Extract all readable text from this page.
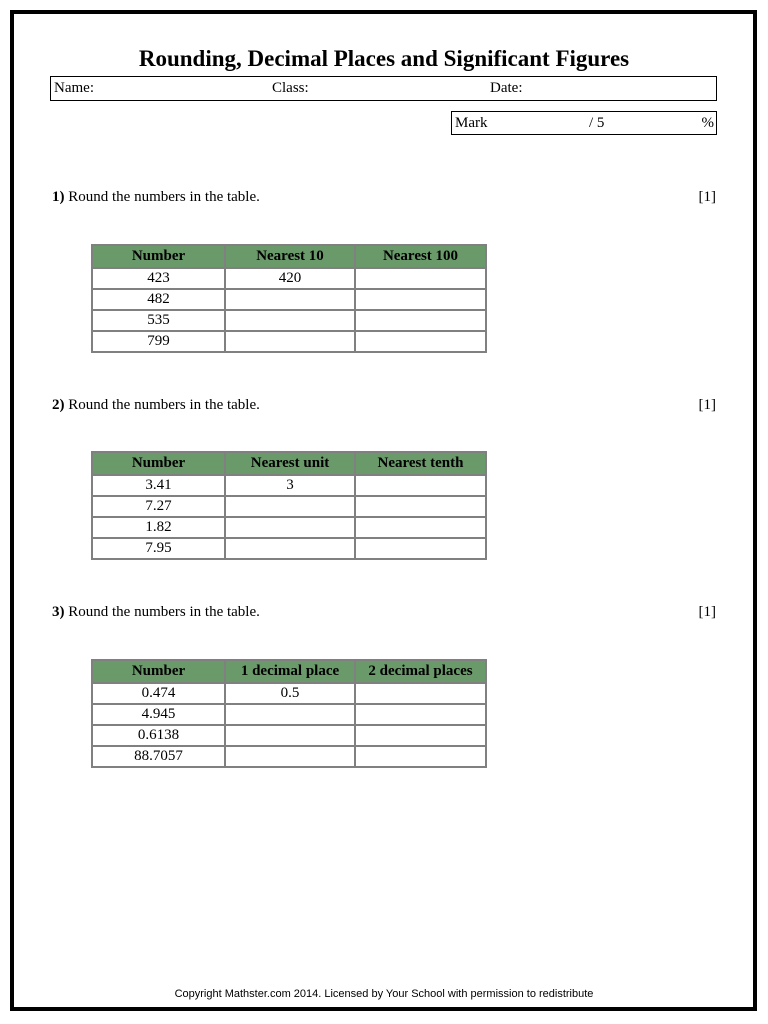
Rounding, Decimal Places and Significant Figures
Name:	Class:	Date:
Mark	/ 5	%
1) Round the numbers in the table.	[1]
Number	Nearest 10	Nearest 100
423	420	
482		
535		
799		
2) Round the numbers in the table.	[1]
Number	Nearest unit	Nearest tenth
3.41	3	
7.27		
1.82		
7.95		
3) Round the numbers in the table.	[1]
Number	1 decimal place	2 decimal places
0.474	0.5	
4.945		
0.6138		
88.7057		
Copyright Mathster.com 2014. Licensed by Your School with permission to redistribute
